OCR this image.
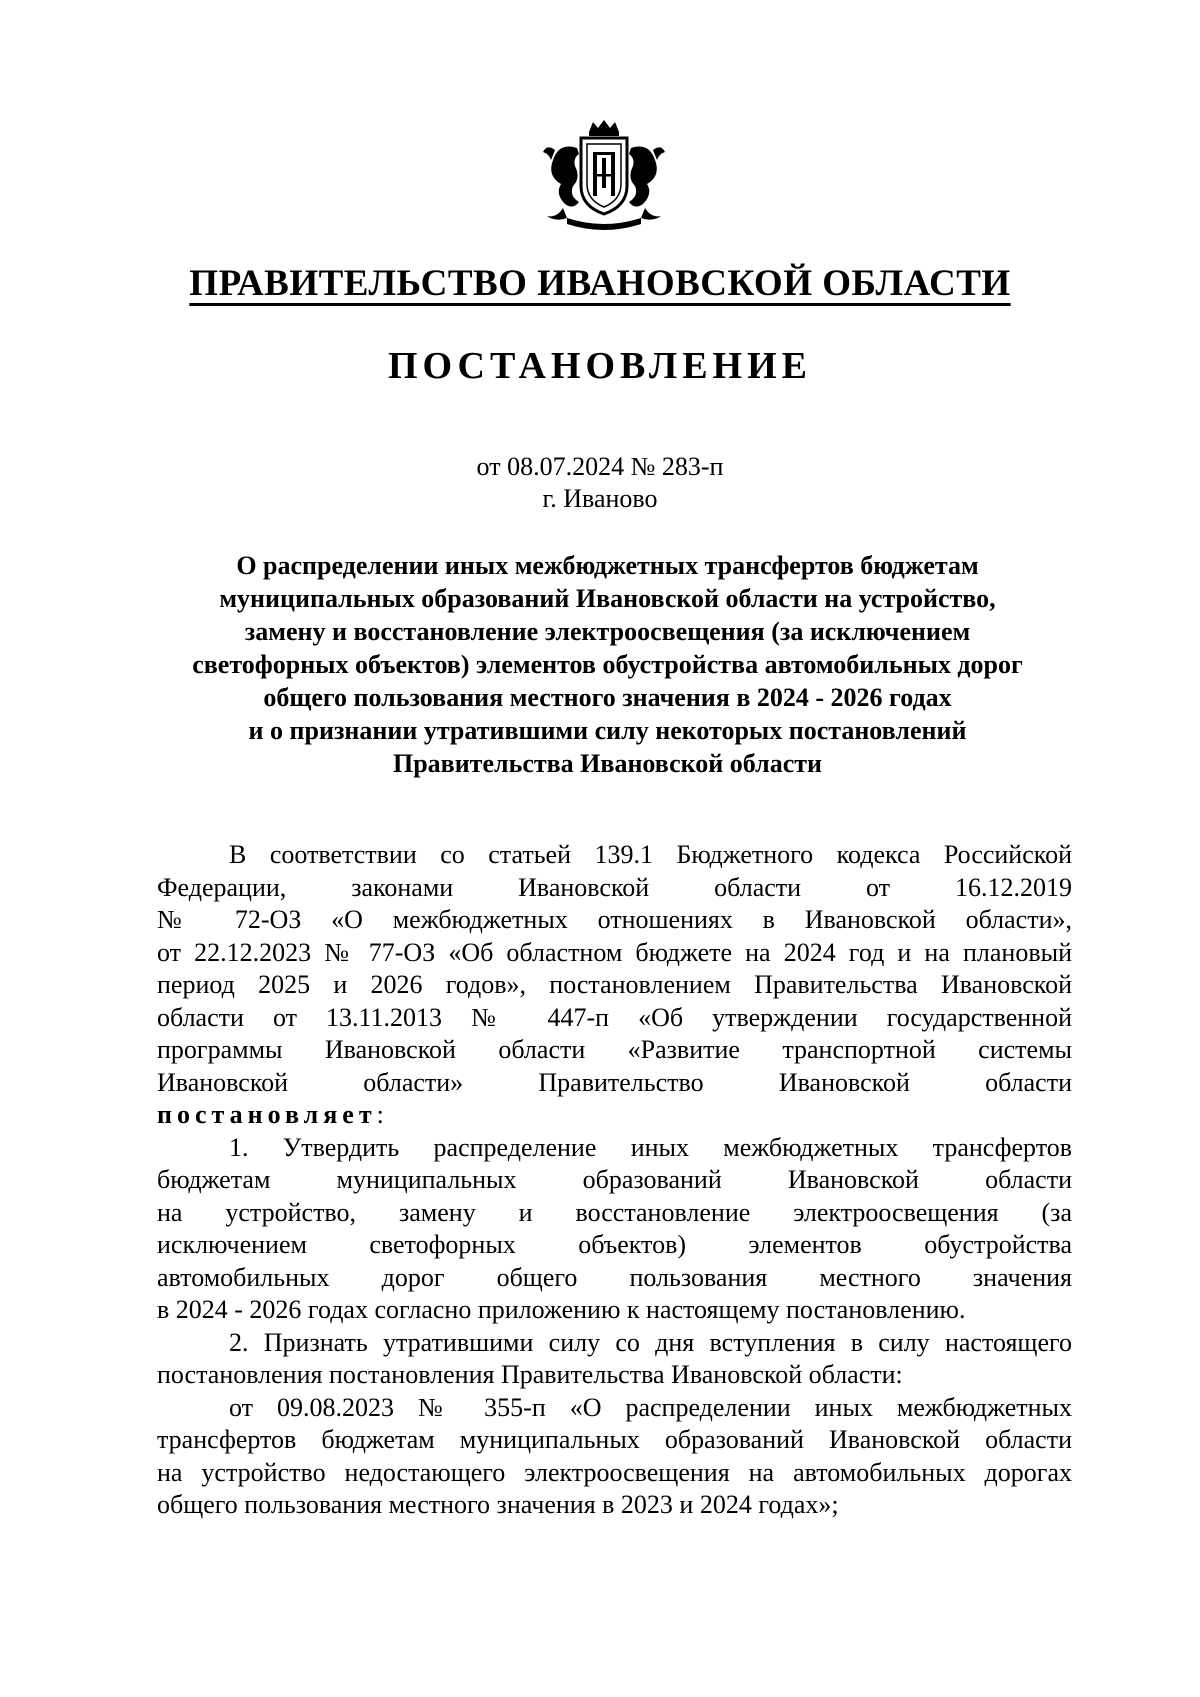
ПРАВИТЕЛЬСТВО ИВАНОВСКОЙ ОБЛАСТИ
ПОСТАНОВЛЕНИЕ
от 08.07.2024 № 283-п
г. Иваново
О распределении иных межбюджетных трансфертов бюджетам
муниципальных образований Ивановской области на устройство,
замену и восстановление электроосвещения (за исключением
светофорных объектов) элементов обустройства автомобильных дорог
общего пользования местного значения в 2024 - 2026 годах
и о признании утратившими силу некоторых постановлений
Правительства Ивановской области
В соответствии со статьей 139.1 Бюджетного кодекса Российской
Федерации, законами Ивановской области от 16.12.2019
№ 72-ОЗ «О межбюджетных отношениях в Ивановской области»,
от 22.12.2023 № 77-ОЗ «Об областном бюджете на 2024 год и на плановый
период 2025 и 2026 годов», постановлением Правительства Ивановской
области от 13.11.2013 № 447-п «Об утверждении государственной
программы Ивановской области «Развитие транспортной системы
Ивановской области» Правительство Ивановской области
постановляет:
1. Утвердить распределение иных межбюджетных трансфертов
бюджетам муниципальных образований Ивановской области
на устройство, замену и восстановление электроосвещения (за
исключением светофорных объектов) элементов обустройства
автомобильных дорог общего пользования местного значения
в 2024 - 2026 годах согласно приложению к настоящему постановлению.
2. Признать утратившими силу со дня вступления в силу настоящего
постановления постановления Правительства Ивановской области:
от 09.08.2023 № 355-п «О распределении иных межбюджетных
трансфертов бюджетам муниципальных образований Ивановской области
на устройство недостающего электроосвещения на автомобильных дорогах
общего пользования местного значения в 2023 и 2024 годах»;
